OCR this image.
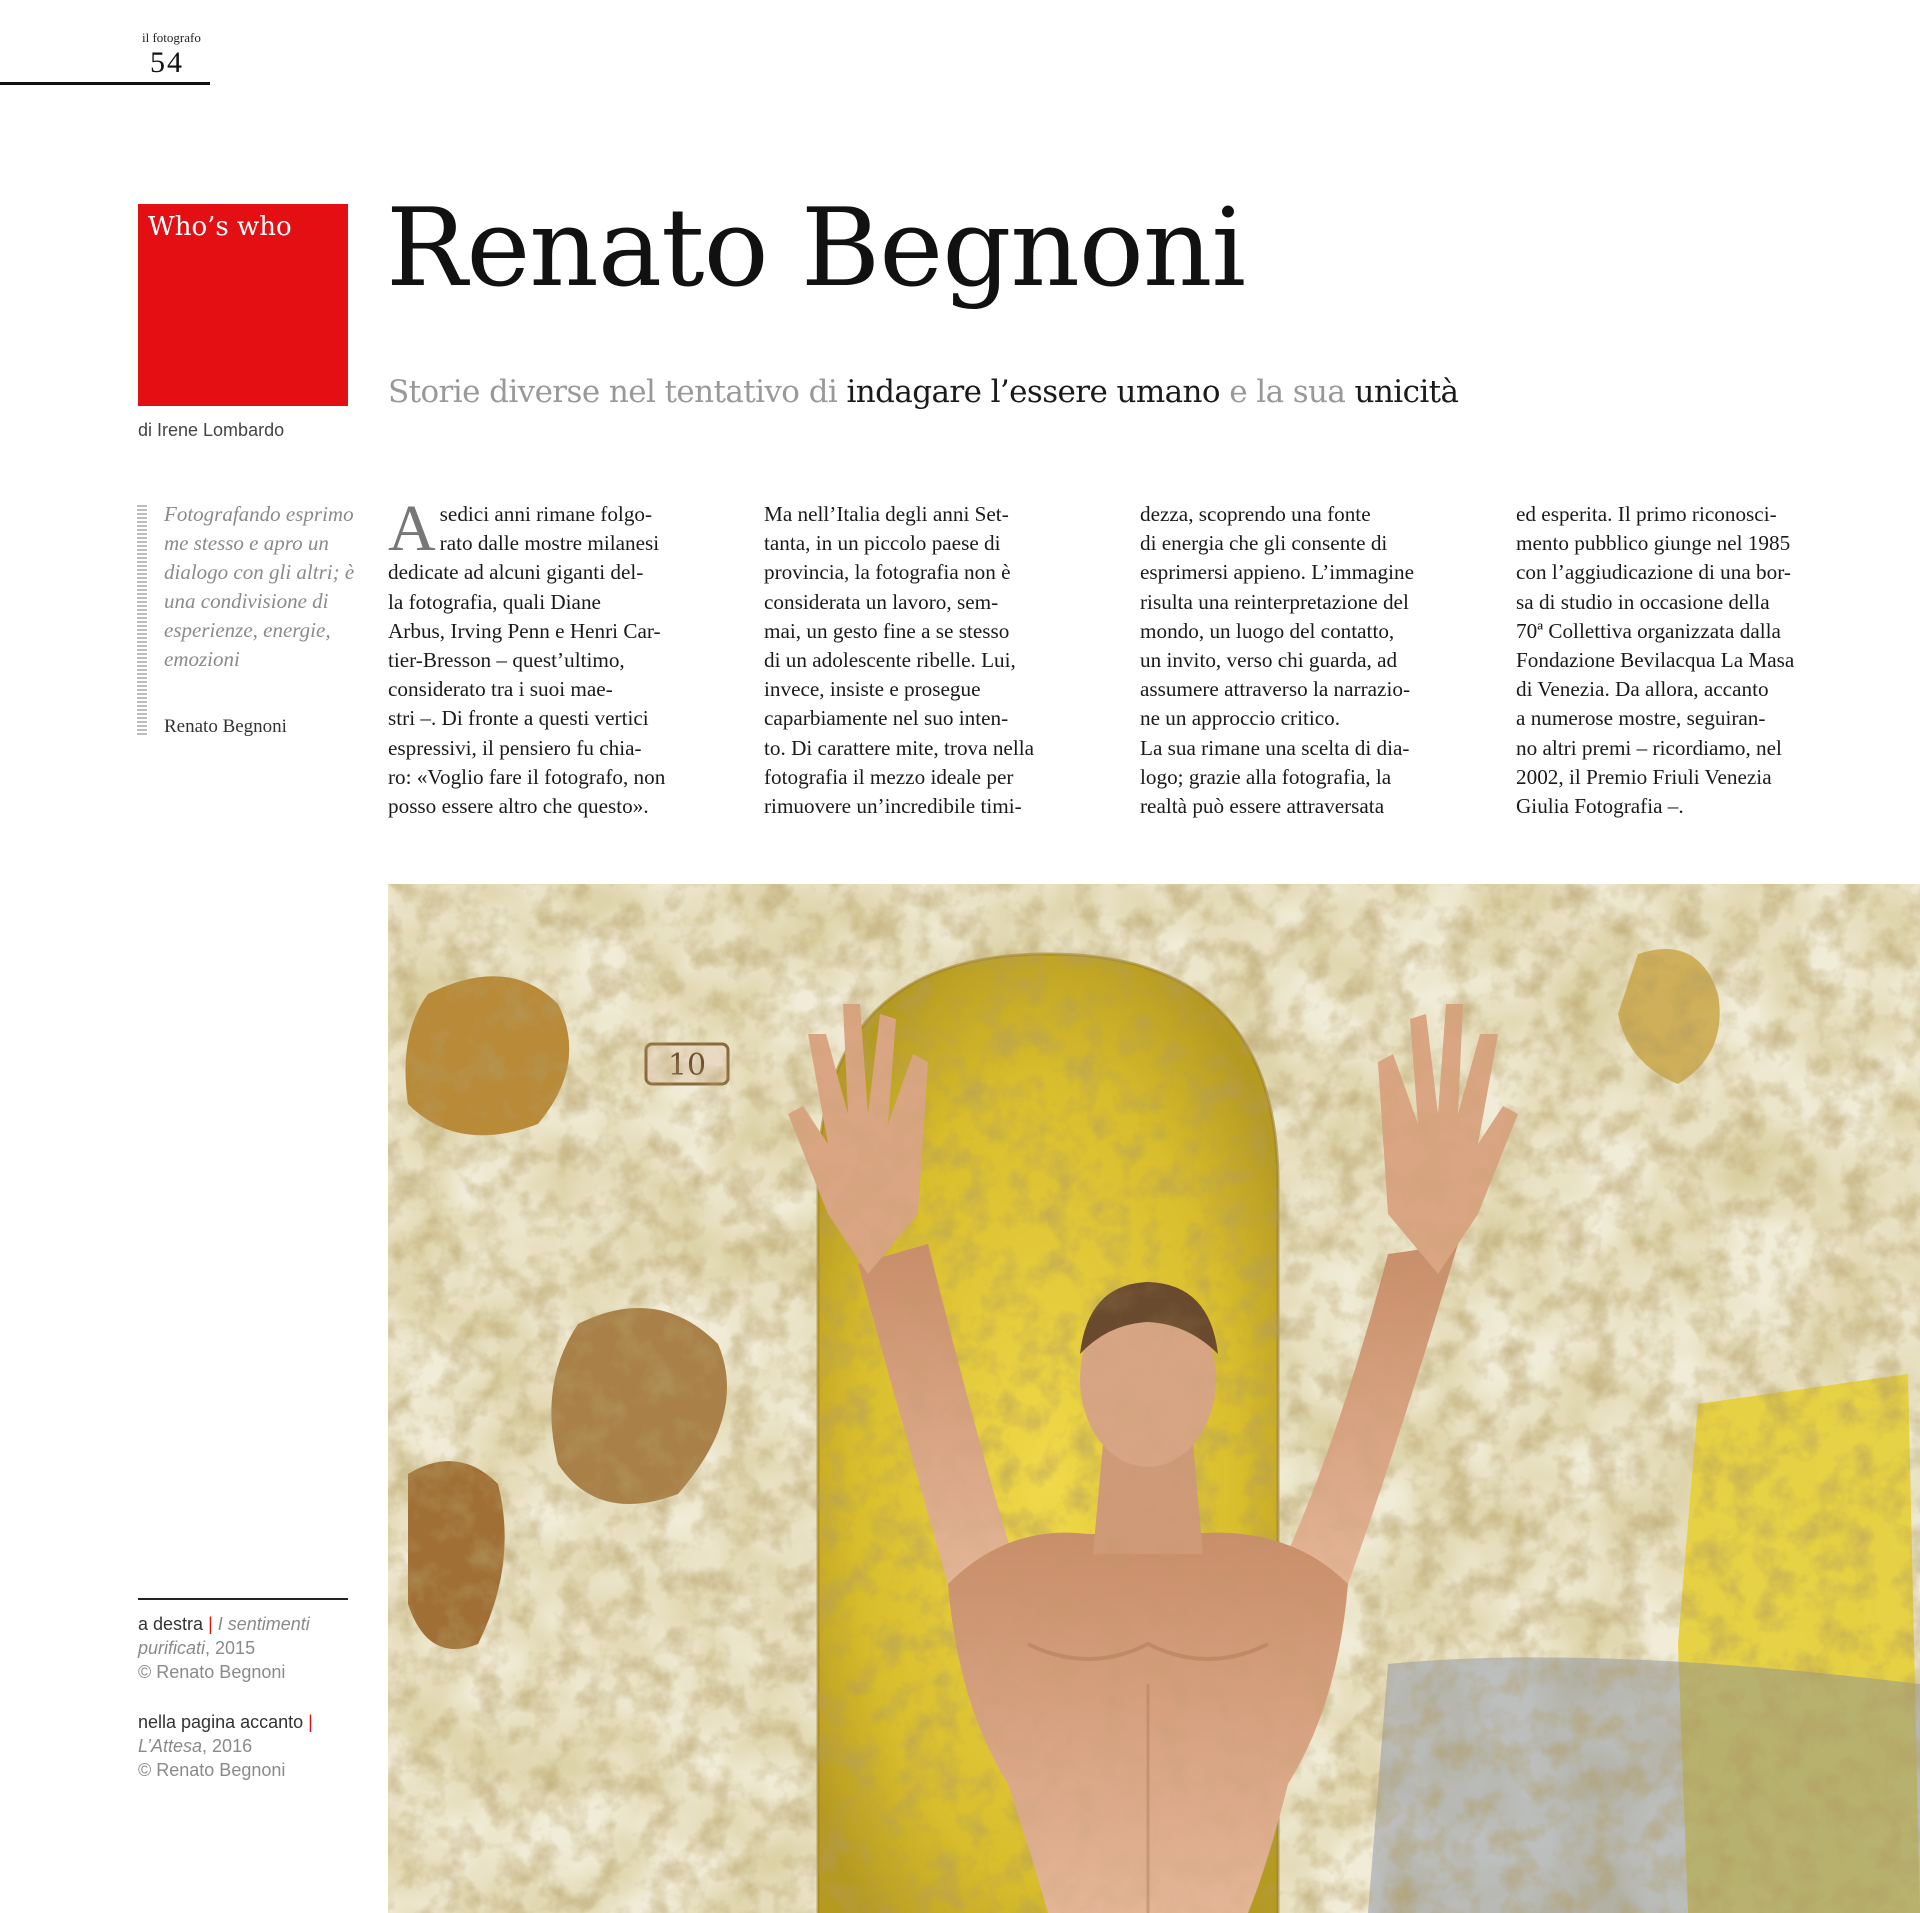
il fotografo
54
Who’s who
di Irene Lombardo
Renato Begnoni
Storie diverse nel tentativo di indagare l’essere umano e la sua unicità

Fotografando esprimo me stesso e apro un dialogo con gli altri; è una condivisione di esperienze, energie, emozioni

Renato Begnoni
A sedici anni rimane folgo-
rato dalle mostre milanesi
dedicate ad alcuni giganti del-
la fotografia, quali Diane
Arbus, Irving Penn e Henri Car-
tier-Bresson – quest’ultimo,
considerato tra i suoi mae-
stri –. Di fronte a questi vertici
espressivi, il pensiero fu chia-
ro: «Voglio fare il fotografo, non
posso essere altro che questo».
Ma nell’Italia degli anni Set-
tanta, in un piccolo paese di
provincia, la fotografia non è
considerata un lavoro, sem-
mai, un gesto fine a se stesso
di un adolescente ribelle. Lui,
invece, insiste e prosegue
caparbiamente nel suo inten-
to. Di carattere mite, trova nella
fotografia il mezzo ideale per
rimuovere un’incredibile timi-
dezza, scoprendo una fonte
di energia che gli consente di
esprimersi appieno. L’immagine
risulta una reinterpretazione del
mondo, un luogo del contatto,
un invito, verso chi guarda, ad
assumere attraverso la narrazio-
ne un approccio critico.
La sua rimane una scelta di dia-
logo; grazie alla fotografia, la
realtà può essere attraversata
ed esperita. Il primo riconosci-
mento pubblico giunge nel 1985
con l’aggiudicazione di una bor-
sa di studio in occasione della
70ª Collettiva organizzata dalla
Fondazione Bevilacqua La Masa
di Venezia. Da allora, accanto
a numerose mostre, seguiran-
no altri premi – ricordiamo, nel
2002, il Premio Friuli Venezia
Giulia Fotografia –.

a destra | I sentimenti purificati, 2015
© Renato Begnoni

nella pagina accanto |
L’Attesa, 2016
© Renato Begnoni
